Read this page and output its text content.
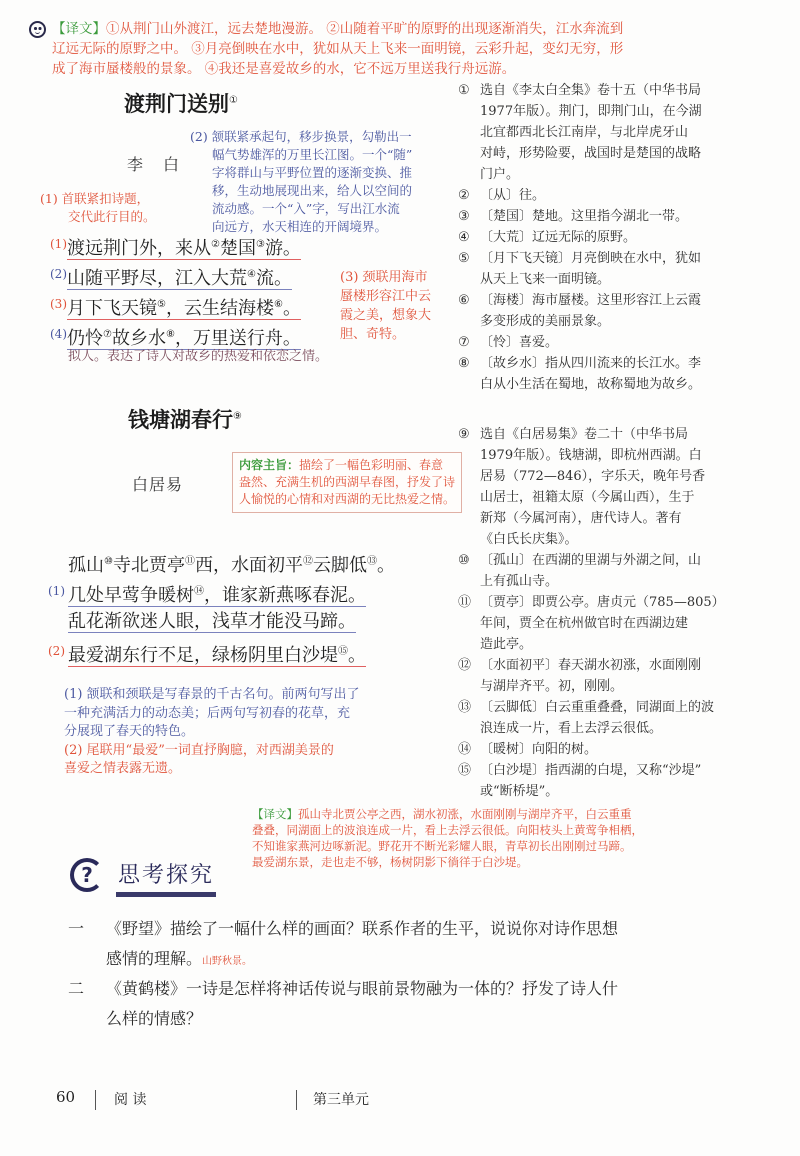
【译文】①从荆门山外渡江，远去楚地漫游。 ②山随着平旷的原野的出现逐渐消失，江水奔流到
辽远无际的原野之中。 ③月亮倒映在水中，犹如从天上飞来一面明镜，云彩升起，变幻无穷，形
成了海市蜃楼般的景象。 ④我还是喜爱故乡的水，它不远万里送我行舟远游。
渡荆门送别①
李　白
(2) 颔联紧承起句，移步换景，勾勒出一
幅气势雄浑的万里长江图。一个“随”
字将群山与平野位置的逐渐变换、推
移，生动地展现出来，给人以空间的
流动感。一个“入”字，写出江水流
向远方，水天相连的开阔境界。
(1) 首联紧扣诗题，
交代此行目的。
$^{(1)}$渡远荆门外，来从②楚国③游。
$^{(2)}$山随平野尽，江入大荒④流。
$^{(3)}$月下飞天镜⑤，云生结海楼⑥。
$^{(4)}$仍怜⑦故乡水⑧，万里送行舟。
(3) 颈联用海市
蜃楼形容江中云
霞之美，想象大
胆、奇特。
拟人。表达了诗人对故乡的热爱和依恋之情。
钱塘湖春行⑨
白居易
内容主旨：描绘了一幅色彩明丽、春意盎然、充满生机的西湖早春图，抒发了诗人愉悦的心情和对西湖的无比热爱之情。
孤山⑩寺北贾亭⑪西，水面初平⑫云脚低⑬。
(1) 几处早莺争暖树⑭，谁家新燕啄春泥。
乱花渐欲迷人眼，浅草才能没马蹄。
(2) 最爱湖东行不足，绿杨阴里白沙堤⑮。
(1) 颔联和颈联是写春景的千古名句。前两句写出了
一种充满活力的动态美；后两句写初春的花草，充
分展现了春天的特色。
(2) 尾联用“最爱”一词直抒胸臆，对西湖美景的
喜爱之情表露无遗。
【译文】孤山寺北贾公亭之西，湖水初涨，水面刚刚与湖岸齐平，白云重重
叠叠，同湖面上的波浪连成一片，看上去浮云很低。向阳枝头上黄莺争相栖，
不知谁家燕河边啄新泥。野花开不断光彩耀人眼，青草初长出刚刚过马蹄。
最爱湖东景，走也走不够，杨树阴影下徜徉于白沙堤。
① 选自《李太白全集》卷十五（中华书局
1977年版）。荆门，即荆门山，在今湖
北宜都西北长江南岸，与北岸虎牙山
对峙，形势险要，战国时是楚国的战略
门户。
② 〔从〕往。
③ 〔楚国〕楚地。这里指今湖北一带。
④ 〔大荒〕辽远无际的原野。
⑤ 〔月下飞天镜〕月亮倒映在水中，犹如
从天上飞来一面明镜。
⑥ 〔海楼〕海市蜃楼。这里形容江上云霞
多变形成的美丽景象。
⑦ 〔怜〕喜爱。
⑧ 〔故乡水〕指从四川流来的长江水。李
白从小生活在蜀地，故称蜀地为故乡。
⑨ 选自《白居易集》卷二十（中华书局
1979年版）。钱塘湖，即杭州西湖。白
居易（772—846），字乐天，晚年号香
山居士，祖籍太原（今属山西），生于
新郑（今属河南），唐代诗人。著有
《白氏长庆集》。
⑩ 〔孤山〕在西湖的里湖与外湖之间，山
上有孤山寺。
⑪ 〔贾亭〕即贾公亭。唐贞元（785—805）
年间，贾全在杭州做官时在西湖边建
造此亭。
⑫ 〔水面初平〕春天湖水初涨，水面刚刚
与湖岸齐平。初，刚刚。
⑬ 〔云脚低〕白云重重叠叠，同湖面上的波
浪连成一片，看上去浮云很低。
⑭ 〔暖树〕向阳的树。
⑮ 〔白沙堤〕指西湖的白堤，又称“沙堤”
或“断桥堤”。
?	思考探究
一 《野望》描绘了一幅什么样的画面？联系作者的生平，说说你对诗作思想
感情的理解。山野秋景。
二 《黄鹤楼》一诗是怎样将神话传说与眼前景物融为一体的？抒发了诗人什
么样的情感？
60	阅 读	第三单元
